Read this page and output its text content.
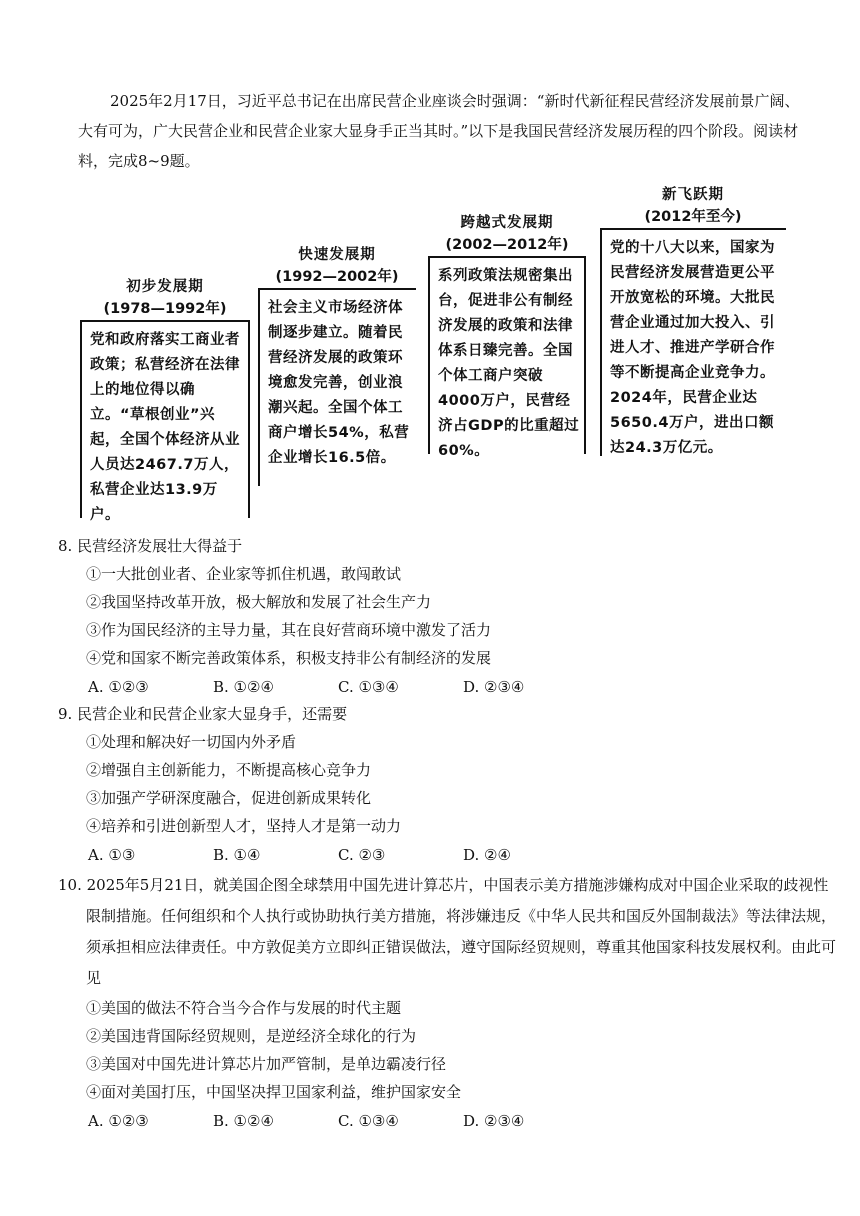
2025年2月17日，习近平总书记在出席民营企业座谈会时强调：“新时代新征程民营经济发展前景广阔、大有可为，广大民营企业和民营企业家大显身手正当其时。”以下是我国民营经济发展历程的四个阶段。阅读材料，完成8~9题。

初步发展期
(1978—1992年)
党和政府落实工商业者政策；私营经济在法律上的地位得以确立。“草根创业”兴起，全国个体经济从业人员达2467.7万人，私营企业达13.9万户。
快速发展期
(1992—2002年)
社会主义市场经济体制逐步建立。随着民营经济发展的政策环境愈发完善，创业浪潮兴起。全国个体工商户增长54%，私营企业增长16.5倍。
跨越式发展期
(2002—2012年)
系列政策法规密集出台，促进非公有制经济发展的政策和法律体系日臻完善。全国个体工商户突破4000万户，民营经济占GDP的比重超过60%。
新飞跃期
(2012年至今)
党的十八大以来，国家为民营经济发展营造更公平开放宽松的环境。大批民营企业通过加大投入、引进人才、推进产学研合作等不断提高企业竞争力。2024年，民营企业达5650.4万户，进出口额达24.3万亿元。
8. 民营经济发展壮大得益于
①一大批创业者、企业家等抓住机遇，敢闯敢试
②我国坚持改革开放，极大解放和发展了社会生产力
③作为国民经济的主导力量，其在良好营商环境中激发了活力
④党和国家不断完善政策体系，积极支持非公有制经济的发展
A. ①②③	B. ①②④	C. ①③④	D. ②③④
9. 民营企业和民营企业家大显身手，还需要
①处理和解决好一切国内外矛盾
②增强自主创新能力，不断提高核心竞争力
③加强产学研深度融合，促进创新成果转化
④培养和引进创新型人才，坚持人才是第一动力
A. ①③	B. ①④	C. ②③	D. ②④
10. 2025年5月21日，就美国企图全球禁用中国先进计算芯片，中国表示美方措施涉嫌构成对中国企业采取的歧视性限制措施。任何组织和个人执行或协助执行美方措施，将涉嫌违反《中华人民共和国反外国制裁法》等法律法规，须承担相应法律责任。中方敦促美方立即纠正错误做法，遵守国际经贸规则，尊重其他国家科技发展权利。由此可见
①美国的做法不符合当今合作与发展的时代主题
②美国违背国际经贸规则，是逆经济全球化的行为
③美国对中国先进计算芯片加严管制，是单边霸凌行径
④面对美国打压，中国坚决捍卫国家利益，维护国家安全
A. ①②③	B. ①②④	C. ①③④	D. ②③④
